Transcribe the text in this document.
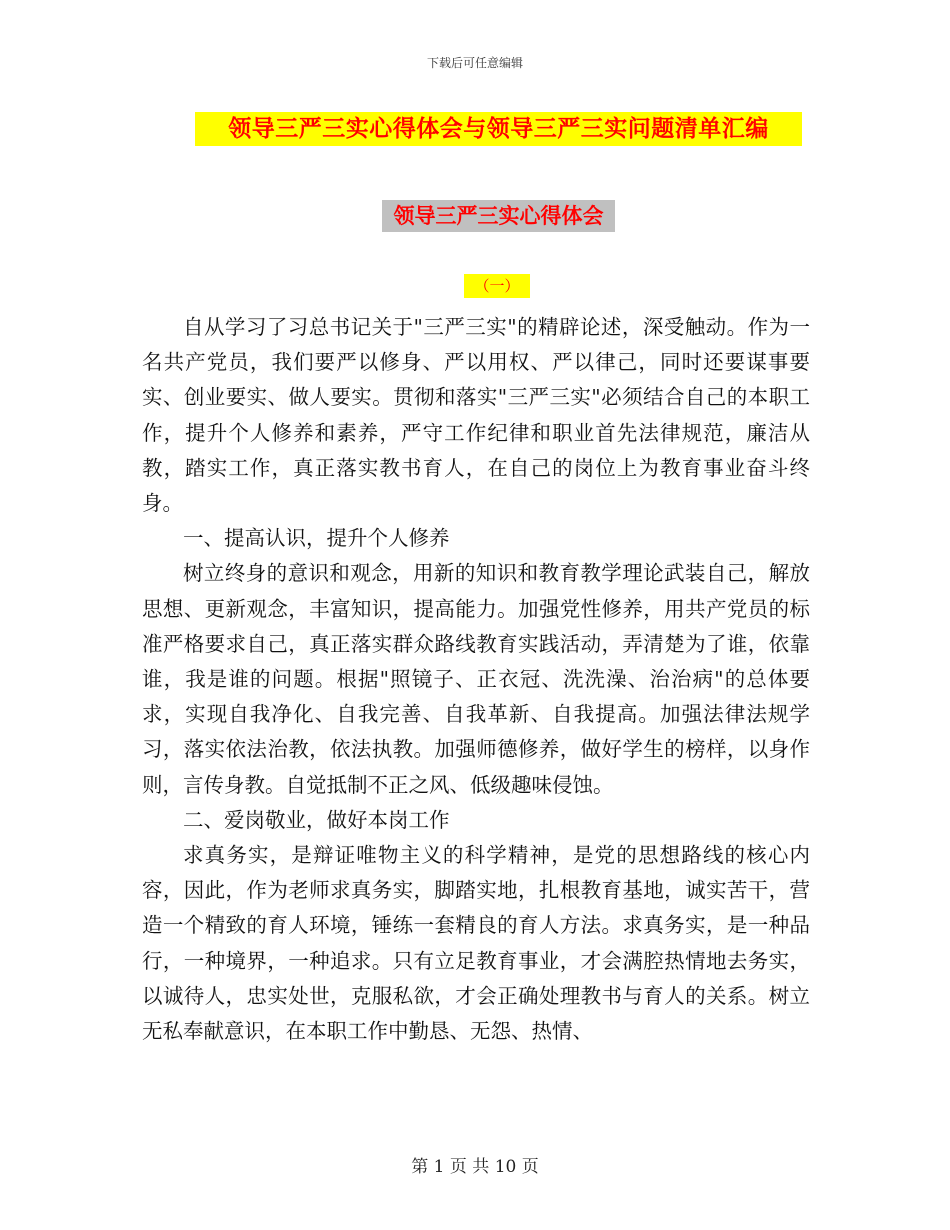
下载后可任意编辑
领导三严三实心得体会与领导三严三实问题清单汇编
领导三严三实心得体会
（一）

自从学习了习总书记关于"三严三实"的精辟论述，深受触动。作为一名共产党员，我们要严以修身、严以用权、严以律己，同时还要谋事要实、创业要实、做人要实。贯彻和落实"三严三实"必须结合自己的本职工作，提升个人修养和素养，严守工作纪律和职业首先法律规范，廉洁从教，踏实工作，真正落实教书育人，在自己的岗位上为教育事业奋斗终身。

一、提高认识，提升个人修养

树立终身的意识和观念，用新的知识和教育教学理论武装自己，解放思想、更新观念，丰富知识，提高能力。加强党性修养，用共产党员的标准严格要求自己，真正落实群众路线教育实践活动，弄清楚为了谁，依靠谁，我是谁的问题。根据"照镜子、正衣冠、洗洗澡、治治病"的总体要求，实现自我净化、自我完善、自我革新、自我提高。加强法律法规学习，落实依法治教，依法执教。加强师德修养，做好学生的榜样，以身作则，言传身教。自觉抵制不正之风、低级趣味侵蚀。

二、爱岗敬业，做好本岗工作

求真务实，是辩证唯物主义的科学精神，是党的思想路线的核心内容，因此，作为老师求真务实，脚踏实地，扎根教育基地，诚实苦干，营造一个精致的育人环境，锤练一套精良的育人方法。求真务实，是一种品行，一种境界，一种追求。只有立足教育事业，才会满腔热情地去务实，以诚待人，忠实处世，克服私欲，才会正确处理教书与育人的关系。树立无私奉献意识，在本职工作中勤恳、无怨、热情、

第 1 页 共 10 页
